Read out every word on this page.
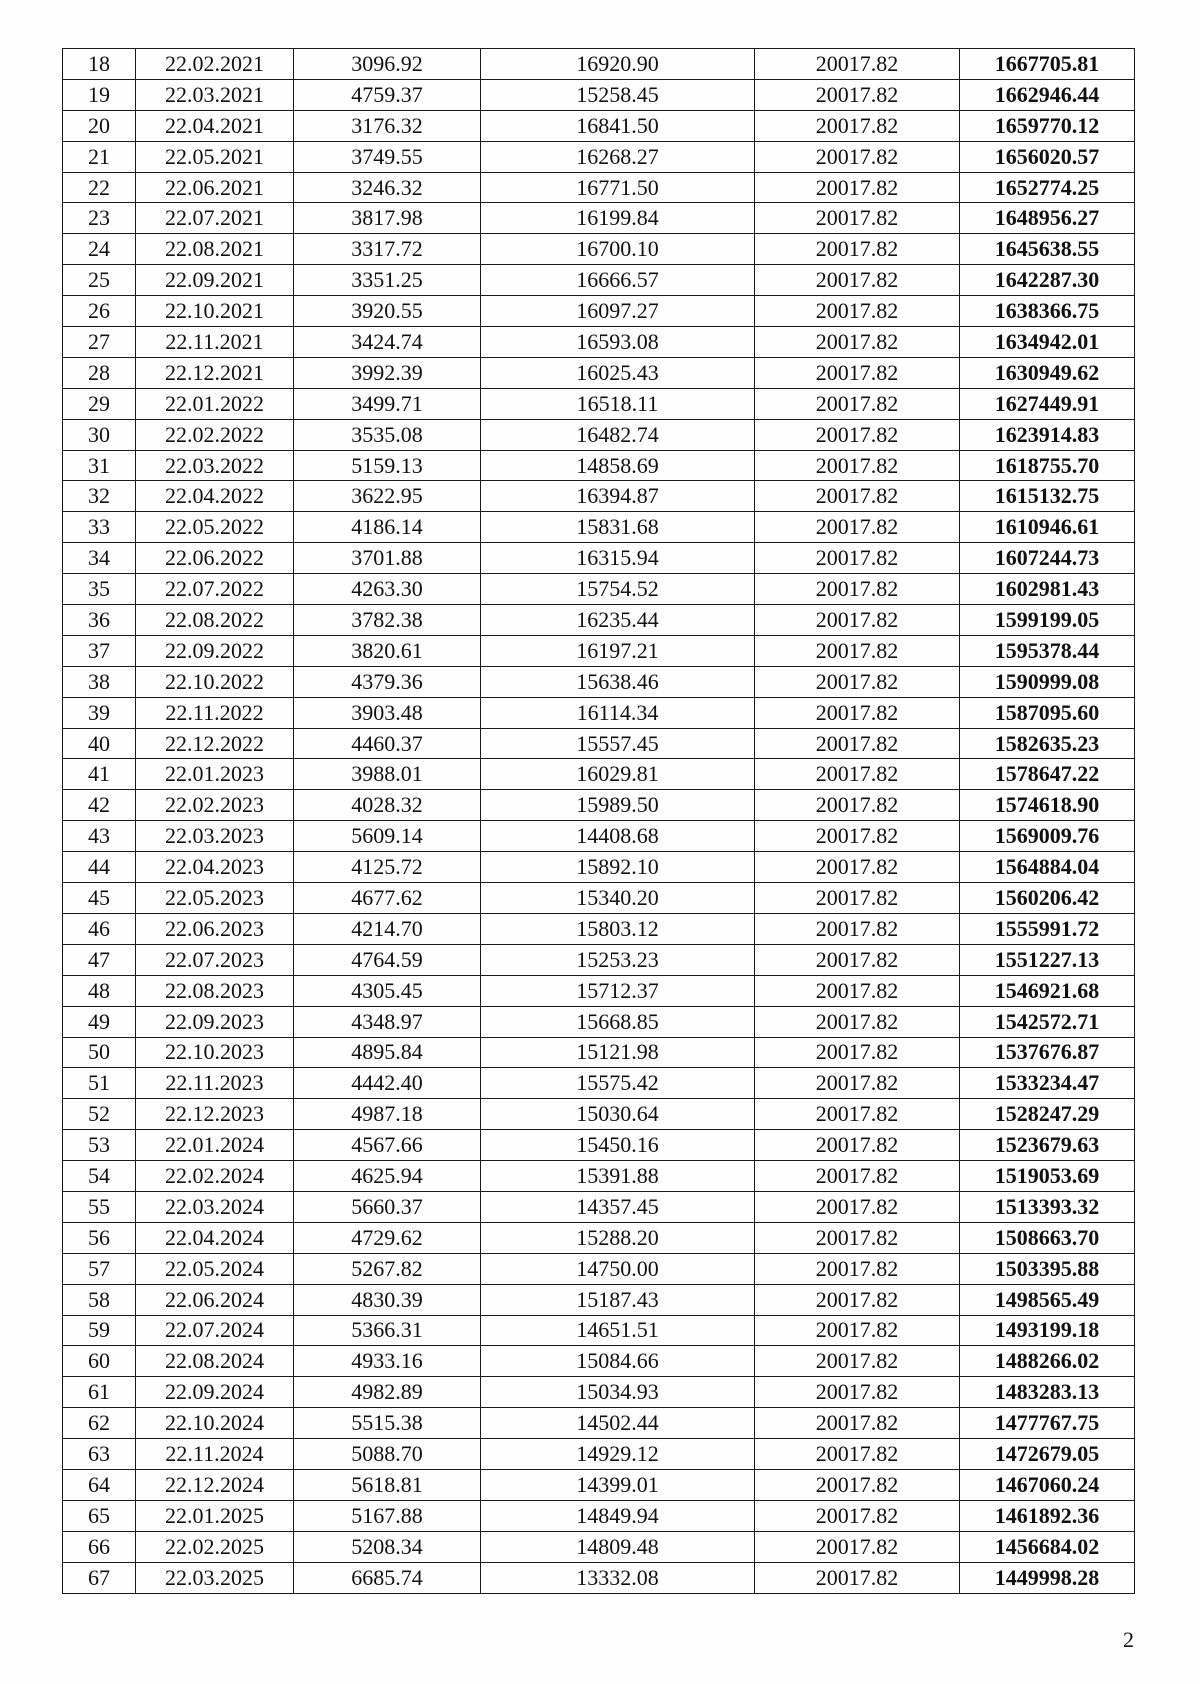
18	22.02.2021	3096.92	16920.90	20017.82	1667705.81
19	22.03.2021	4759.37	15258.45	20017.82	1662946.44
20	22.04.2021	3176.32	16841.50	20017.82	1659770.12
21	22.05.2021	3749.55	16268.27	20017.82	1656020.57
22	22.06.2021	3246.32	16771.50	20017.82	1652774.25
23	22.07.2021	3817.98	16199.84	20017.82	1648956.27
24	22.08.2021	3317.72	16700.10	20017.82	1645638.55
25	22.09.2021	3351.25	16666.57	20017.82	1642287.30
26	22.10.2021	3920.55	16097.27	20017.82	1638366.75
27	22.11.2021	3424.74	16593.08	20017.82	1634942.01
28	22.12.2021	3992.39	16025.43	20017.82	1630949.62
29	22.01.2022	3499.71	16518.11	20017.82	1627449.91
30	22.02.2022	3535.08	16482.74	20017.82	1623914.83
31	22.03.2022	5159.13	14858.69	20017.82	1618755.70
32	22.04.2022	3622.95	16394.87	20017.82	1615132.75
33	22.05.2022	4186.14	15831.68	20017.82	1610946.61
34	22.06.2022	3701.88	16315.94	20017.82	1607244.73
35	22.07.2022	4263.30	15754.52	20017.82	1602981.43
36	22.08.2022	3782.38	16235.44	20017.82	1599199.05
37	22.09.2022	3820.61	16197.21	20017.82	1595378.44
38	22.10.2022	4379.36	15638.46	20017.82	1590999.08
39	22.11.2022	3903.48	16114.34	20017.82	1587095.60
40	22.12.2022	4460.37	15557.45	20017.82	1582635.23
41	22.01.2023	3988.01	16029.81	20017.82	1578647.22
42	22.02.2023	4028.32	15989.50	20017.82	1574618.90
43	22.03.2023	5609.14	14408.68	20017.82	1569009.76
44	22.04.2023	4125.72	15892.10	20017.82	1564884.04
45	22.05.2023	4677.62	15340.20	20017.82	1560206.42
46	22.06.2023	4214.70	15803.12	20017.82	1555991.72
47	22.07.2023	4764.59	15253.23	20017.82	1551227.13
48	22.08.2023	4305.45	15712.37	20017.82	1546921.68
49	22.09.2023	4348.97	15668.85	20017.82	1542572.71
50	22.10.2023	4895.84	15121.98	20017.82	1537676.87
51	22.11.2023	4442.40	15575.42	20017.82	1533234.47
52	22.12.2023	4987.18	15030.64	20017.82	1528247.29
53	22.01.2024	4567.66	15450.16	20017.82	1523679.63
54	22.02.2024	4625.94	15391.88	20017.82	1519053.69
55	22.03.2024	5660.37	14357.45	20017.82	1513393.32
56	22.04.2024	4729.62	15288.20	20017.82	1508663.70
57	22.05.2024	5267.82	14750.00	20017.82	1503395.88
58	22.06.2024	4830.39	15187.43	20017.82	1498565.49
59	22.07.2024	5366.31	14651.51	20017.82	1493199.18
60	22.08.2024	4933.16	15084.66	20017.82	1488266.02
61	22.09.2024	4982.89	15034.93	20017.82	1483283.13
62	22.10.2024	5515.38	14502.44	20017.82	1477767.75
63	22.11.2024	5088.70	14929.12	20017.82	1472679.05
64	22.12.2024	5618.81	14399.01	20017.82	1467060.24
65	22.01.2025	5167.88	14849.94	20017.82	1461892.36
66	22.02.2025	5208.34	14809.48	20017.82	1456684.02
67	22.03.2025	6685.74	13332.08	20017.82	1449998.28
2
